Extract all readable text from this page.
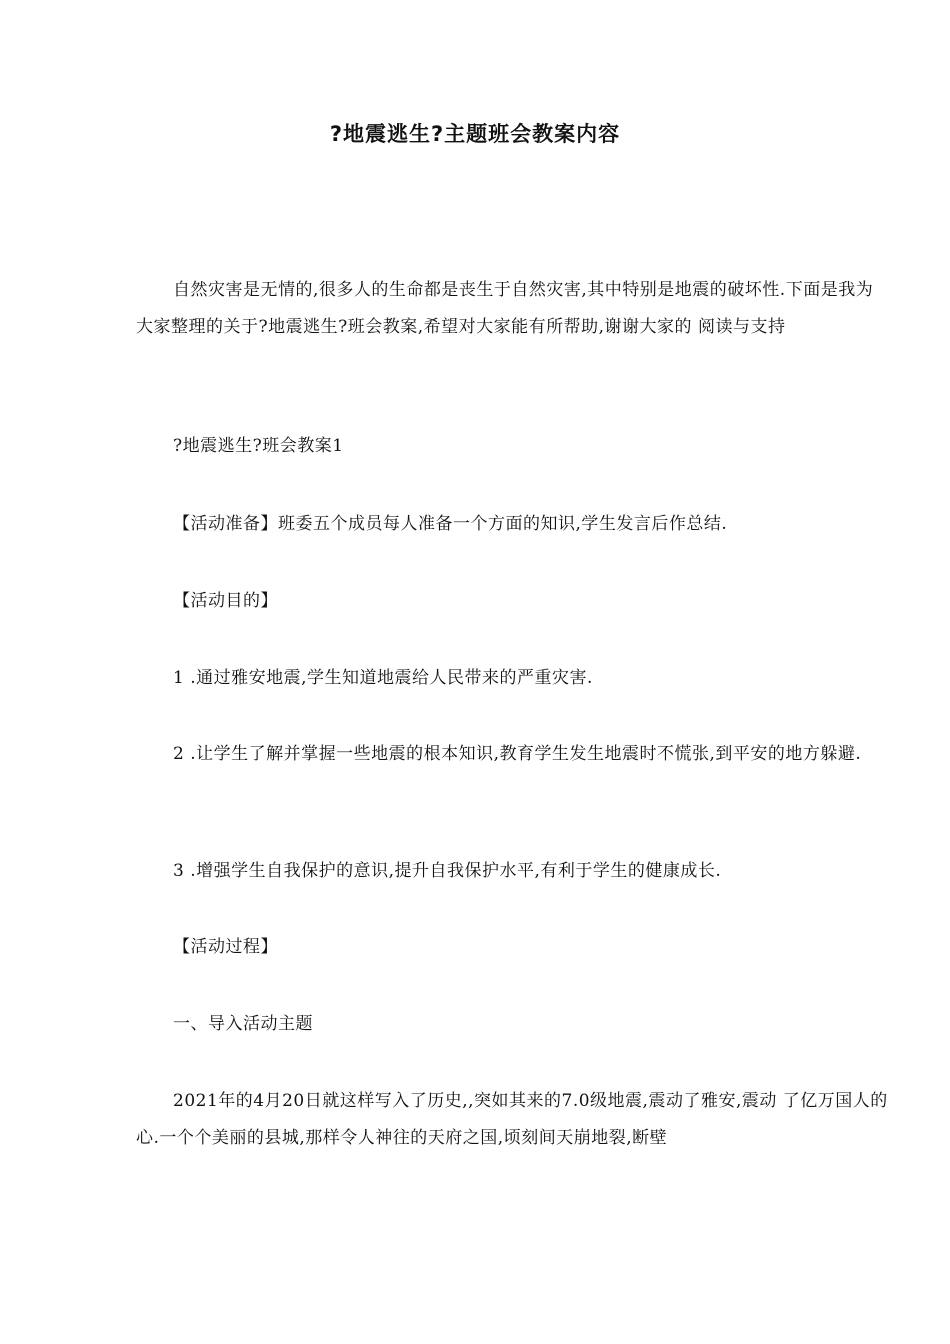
?地震逃生?主题班会教案内容

自然灾害是无情的,很多人的生命都是丧生于自然灾害,其中特别是地震的破坏性.下面是我为大家整理的关于?地震逃生?班会教案,希望对大家能有所帮助,谢谢大家的 阅读与支持

?地震逃生?班会教案1

【活动准备】班委五个成员每人准备一个方面的知识,学生发言后作总结.

【活动目的】

1 .通过雅安地震,学生知道地震给人民带来的严重灾害.

2 .让学生了解并掌握一些地震的根本知识,教育学生发生地震时不慌张,到平安的地方躲避.

3 .增强学生自我保护的意识,提升自我保护水平,有利于学生的健康成长.

【活动过程】

一、导入活动主题

2021年的4月20日就这样写入了历史,,突如其来的7.0级地震,震动了雅安,震动 了亿万国人的心.一个个美丽的县城,那样令人神往的天府之国,顷刻间天崩地裂,断壁
